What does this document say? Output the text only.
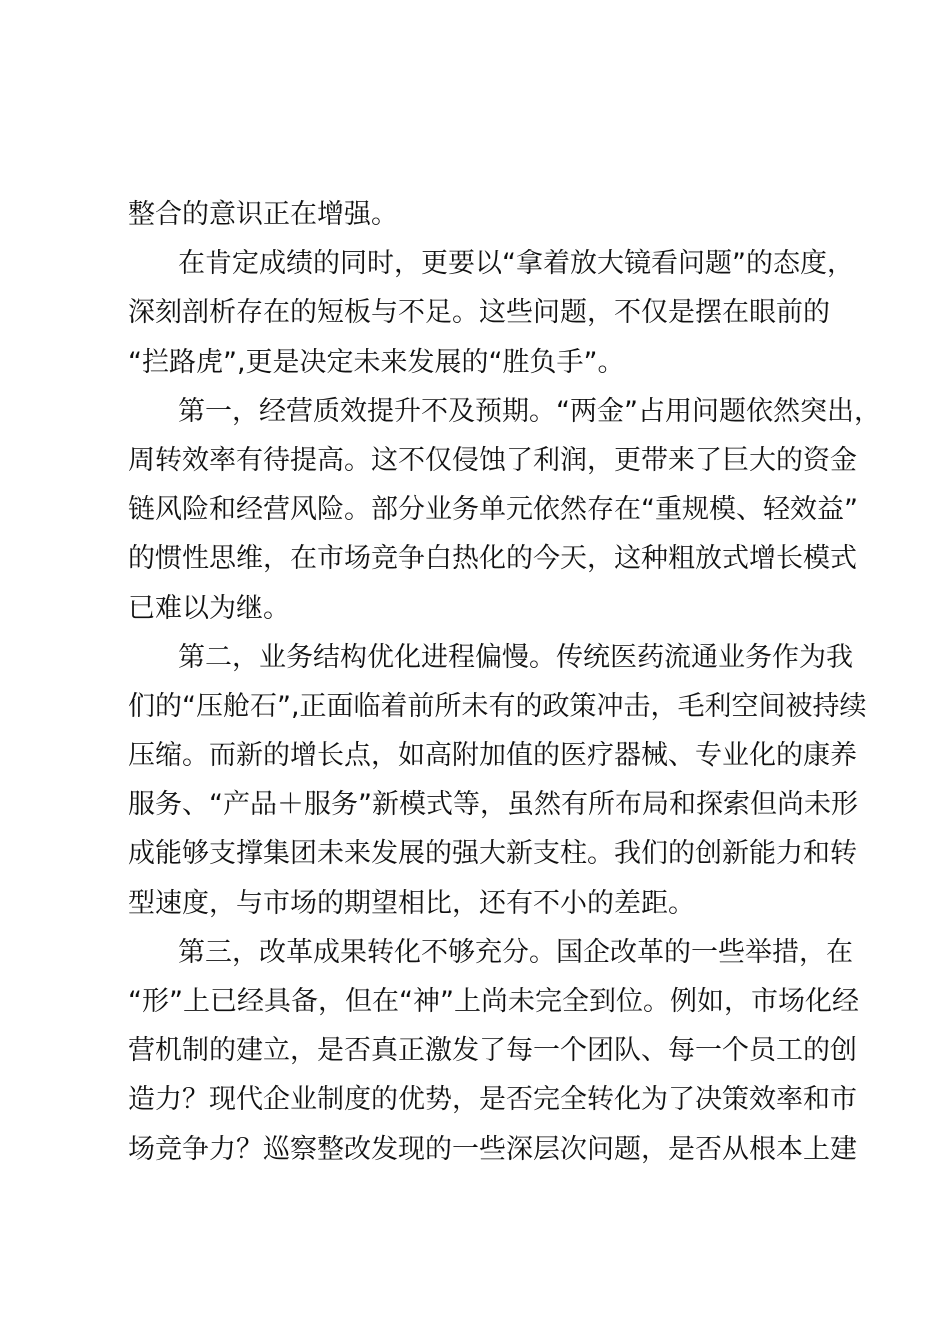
整合的意识正在增强。
在肯定成绩的同时，更要以“拿着放大镜看问题”的态度，
深刻剖析存在的短板与不足。这些问题，不仅是摆在眼前的
“拦路虎”,更是决定未来发展的“胜负手”。
第一，经营质效提升不及预期。“两金”占用问题依然突出，
周转效率有待提高。这不仅侵蚀了利润，更带来了巨大的资金
链风险和经营风险。部分业务单元依然存在“重规模、轻效益”
的惯性思维，在市场竞争白热化的今天，这种粗放式增长模式
已难以为继。
第二，业务结构优化进程偏慢。传统医药流通业务作为我
们的“压舱石”,正面临着前所未有的政策冲击，毛利空间被持续
压缩。而新的增长点，如高附加值的医疗器械、专业化的康养
服务、“产品＋服务”新模式等，虽然有所布局和探索但尚未形
成能够支撑集团未来发展的强大新支柱。我们的创新能力和转
型速度，与市场的期望相比，还有不小的差距。
第三，改革成果转化不够充分。国企改革的一些举措，在
“形”上已经具备，但在“神”上尚未完全到位。例如，市场化经
营机制的建立，是否真正激发了每一个团队、每一个员工的创
造力？现代企业制度的优势，是否完全转化为了决策效率和市
场竞争力？巡察整改发现的一些深层次问题，是否从根本上建
